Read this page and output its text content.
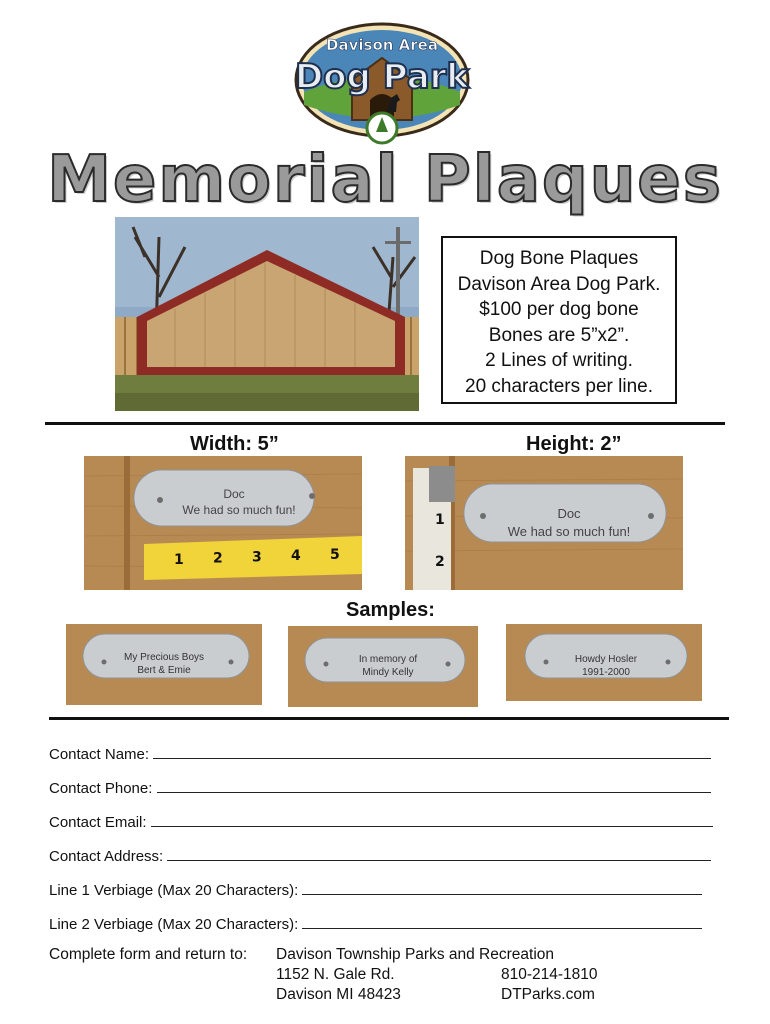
Davison Area
Dog Park
Memorial Plaques
Dog Bone Plaques
Davison Area Dog Park.
$100 per dog bone
Bones are 5”x2”.
2 Lines of writing.
20 characters per line.
Width: 5”	Height: 2”
Doc
We had so much fun!
1 2 3 4 5
1
2
Doc
We had so much fun!
Samples:
My Precious Boys
Bert & Emie
In memory of
Mindy Kelly
Howdy Hosler
1991-2000
Contact Name:
Contact Phone:
Contact Email:
Contact Address:
Line 1 Verbiage (Max 20 Characters):
Line 2 Verbiage (Max 20 Characters):
Complete form and return to: Davison Township Parks and Recreation
1152 N. Gale Rd.
Davison MI 48423
810-214-1810
DTParks.com
